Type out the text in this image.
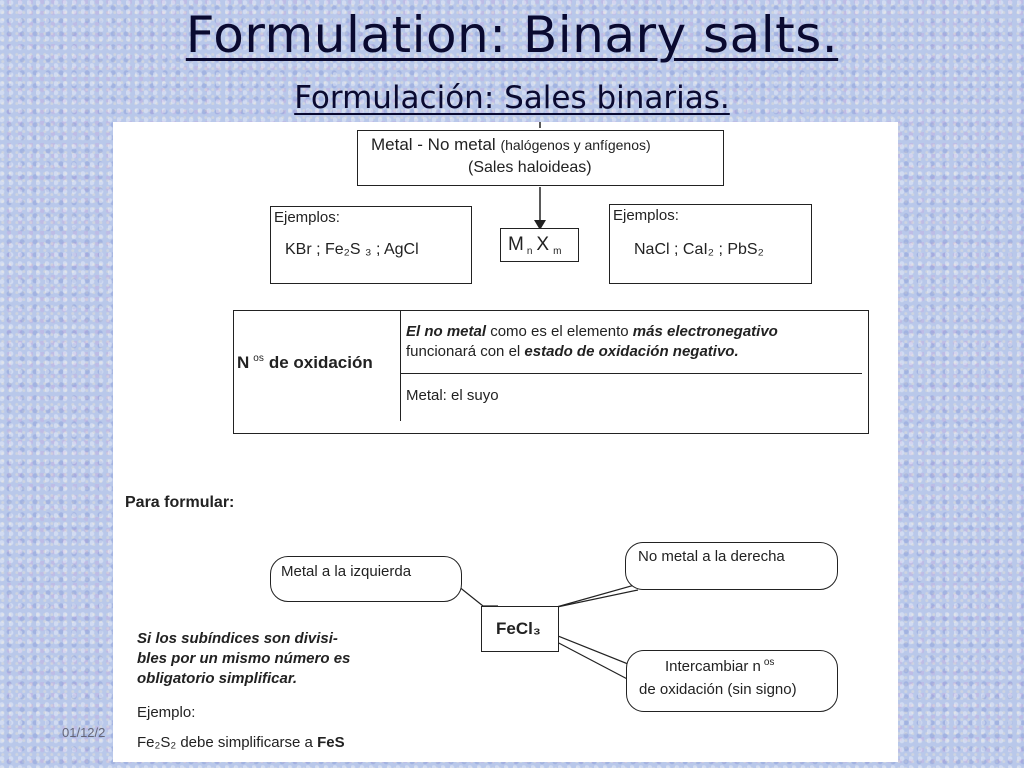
Formulation: Binary salts.
Formulación: Sales binarias.
Metal - No metal (halógenos y anfígenos)
(Sales haloideas)
Ejemplos:
KBr ; Fe₂S ₃ ; AgCl	M $_n$ X $_m$
Ejemplos:
NaCl ; CaI₂ ; PbS₂
N $^{os}$ de oxidación
El no metal como es el elemento más electronegativo
funcionará con el estado de oxidación negativo.
Metal: el suyo
Para formular:
Metal a la izquierda
No metal a la derecha
Intercambiar n $^{os}$
de oxidación (sin signo)
FeCl₃
Si los subíndices son divisi-
bles por un mismo número es
obligatorio simplificar.
Ejemplo:
Fe₂S₂ debe simplificarse a FeS
01/12/2
